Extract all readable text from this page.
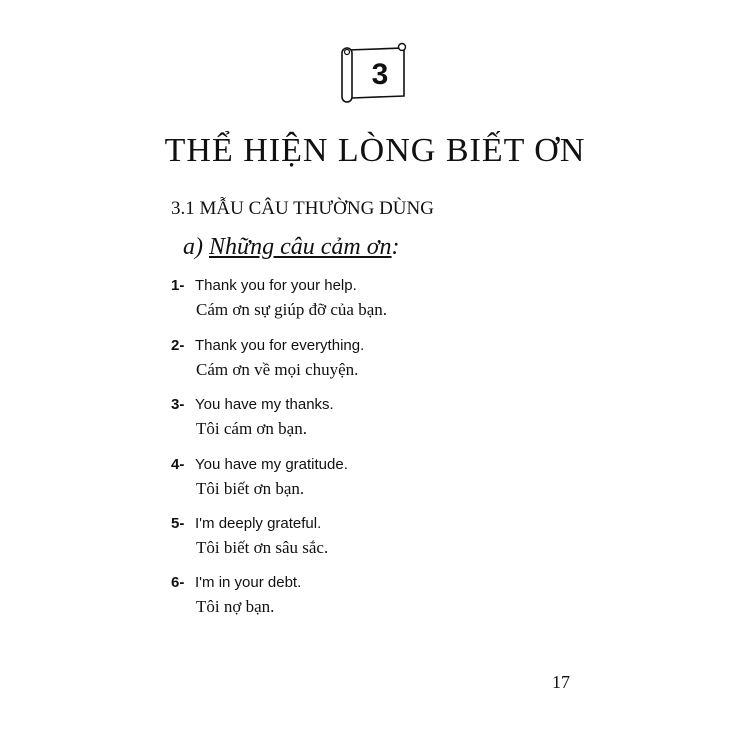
3
THỂ HIỆN LÒNG BIẾT ƠN
3.1 MẪU CÂU THƯỜNG DÙNG
a) Những câu cảm ơn:
1- Thank you for your help.
Cám ơn sự giúp đỡ của bạn.
2- Thank you for everything.
Cám ơn về mọi chuyện.
3- You have my thanks.
Tôi cám ơn bạn.
4- You have my gratitude.
Tôi biết ơn bạn.
5- I'm deeply grateful.
Tôi biết ơn sâu sắc.
6- I'm in your debt.
Tôi nợ bạn.
17
